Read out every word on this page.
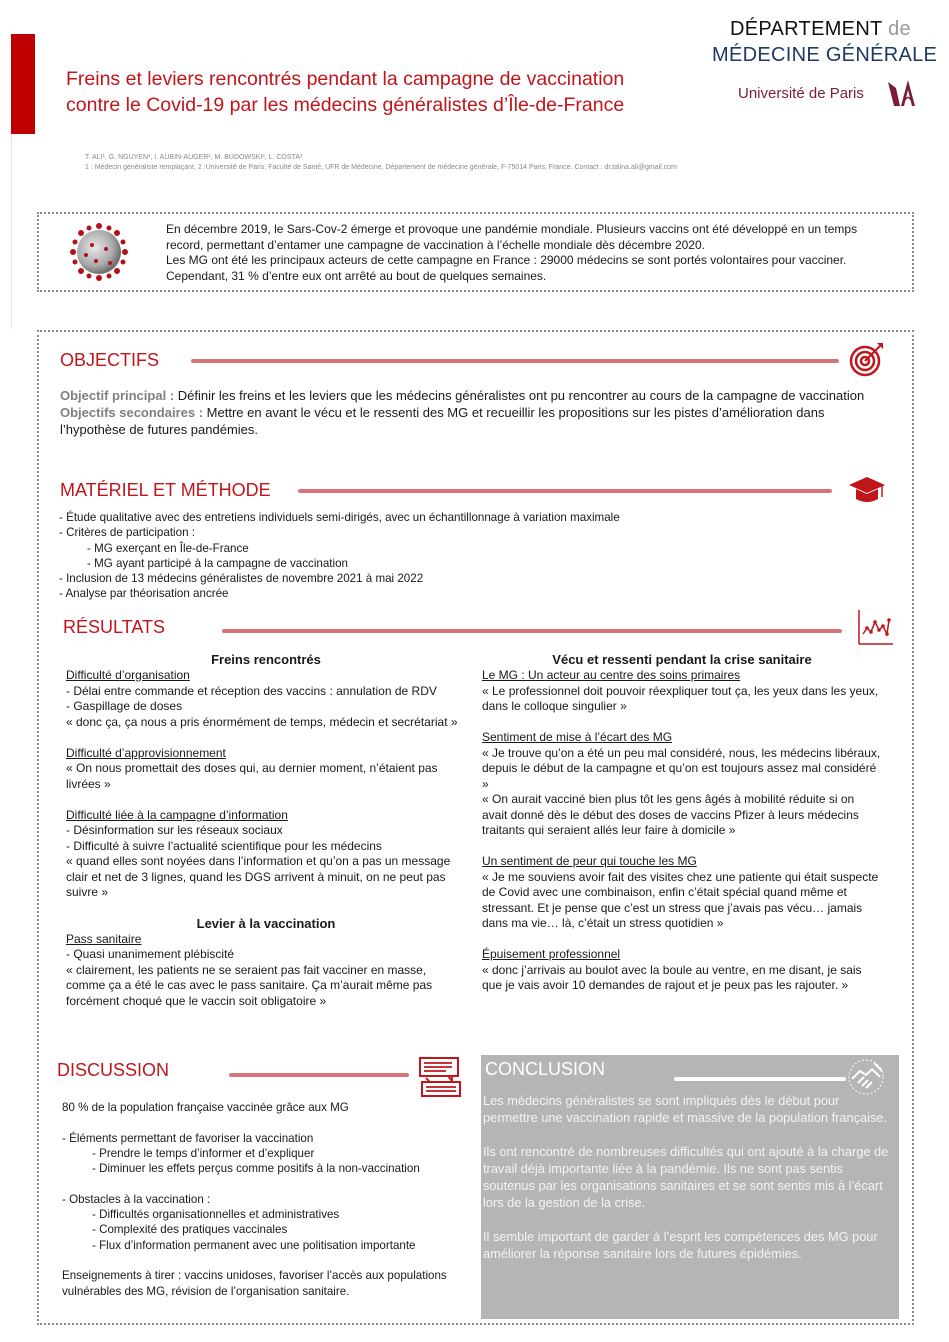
Freins et leviers rencontrés pendant la campagne de vaccination
contre le Covid-19 par les médecins généralistes d’Île-de-France
DÉPARTEMENT de
MÉDECINE GÉNÉRALE
Université de Paris
T. ALI¹, G. NGUYEN¹, I. AUBIN-AUGER², M. BUDOWSKI², L. COSTA²
1 : Médecin généraliste remplaçant, 2 :Université de Paris, Faculté de Santé, UFR de Médecine, Département de médecine générale, F-75014 Paris, France. Contact : dr.talina.ali@gmail.com
En décembre 2019, le Sars-Cov-2 émerge et provoque une pandémie mondiale. Plusieurs vaccins ont été développé en un temps
record, permettant d’entamer une campagne de vaccination à l’échelle mondiale dès décembre 2020.
Les MG ont été les principaux acteurs de cette campagne en France : 29000 médecins se sont portés volontaires pour vacciner.
Cependant, 31 % d’entre eux ont arrêté au bout de quelques semaines.
OBJECTIFS
Objectif principal : Définir les freins et les leviers que les médecins généralistes ont pu rencontrer au cours de la campagne de vaccination
Objectifs secondaires : Mettre en avant le vécu et le ressenti des MG et recueillir les propositions sur les pistes d’amélioration dans l’hypothèse de futures pandémies.
MATÉRIEL ET MÉTHODE
- Étude qualitative avec des entretiens individuels semi-dirigés, avec un échantillonnage à variation maximale
- Critères de participation :
- MG exerçant en Île-de-France
- MG ayant participé à la campagne de vaccination
- Inclusion de 13 médecins généralistes de novembre 2021 à mai 2022
- Analyse par théorisation ancrée
RÉSULTATS
Freins rencontrés
Difficulté d’organisation
- Délai entre commande et réception des vaccins : annulation de RDV
- Gaspillage de doses
« donc ça, ça nous a pris énormément de temps, médecin et secrétariat »
Difficulté d’approvisionnement
« On nous promettait des doses qui, au dernier moment, n’étaient pas livrées »
Difficulté liée à la campagne d’information
- Désinformation sur les réseaux sociaux
- Difficulté à suivre l’actualité scientifique pour les médecins
« quand elles sont noyées dans l’information et qu’on a pas un message clair et net de 3 lignes, quand les DGS arrivent à minuit, on ne peut pas suivre »
Levier à la vaccination
Pass sanitaire
- Quasi unanimement plébiscité
« clairement, les patients ne se seraient pas fait vacciner en masse, comme ça a été le cas avec le pass sanitaire. Ça m’aurait même pas forcément choqué que le vaccin soit obligatoire »
Vécu et ressenti pendant la crise sanitaire
Le MG : Un acteur au centre des soins primaires
« Le professionnel doit pouvoir réexpliquer tout ça, les yeux dans les yeux, dans le colloque singulier »
Sentiment de mise à l’écart des MG
« Je trouve qu’on a été un peu mal considéré, nous, les médecins libéraux, depuis le début de la campagne et qu’on est toujours assez mal considéré »
« On aurait vacciné bien plus tôt les gens âgés à mobilité réduite si on avait donné dès le début des doses de vaccins Pfizer à leurs médecins traitants qui seraient allés leur faire à domicile »
Un sentiment de peur qui touche les MG
« Je me souviens avoir fait des visites chez une patiente qui était suspecte de Covid avec une combinaison, enfin c’était spécial quand même et stressant. Et je pense que c’est un stress que j’avais pas vécu… jamais dans ma vie… là, c’était un stress quotidien »
Épuisement professionnel
« donc j’arrivais au boulot avec la boule au ventre, en me disant, je sais que je vais avoir 10 demandes de rajout et je peux pas les rajouter. »
DISCUSSION
80 % de la population française vaccinée grâce aux MG
- Éléments permettant de favoriser la vaccination
- Prendre le temps d’informer et d’expliquer
- Diminuer les effets perçus comme positifs à la non-vaccination
- Obstacles à la vaccination :
- Difficultés organisationnelles et administratives
- Complexité des pratiques vaccinales
- Flux d’information permanent avec une politisation importante
Enseignements à tirer : vaccins unidoses, favoriser l’accès aux populations vulnérables des MG, révision de l’organisation sanitaire.
CONCLUSION
Les médecins généralistes se sont impliqués dès le début pour permettre une vaccination rapide et massive de la population française.
Ils ont rencontré de nombreuses difficultés qui ont ajouté à la charge de travail déjà importante liée à la pandémie. Ils ne sont pas sentis soutenus par les organisations sanitaires et se sont sentis mis à l’écart lors de la gestion de la crise.
Il semble important de garder à l’esprit les compétences des MG pour améliorer la réponse sanitaire lors de futures épidémies.
